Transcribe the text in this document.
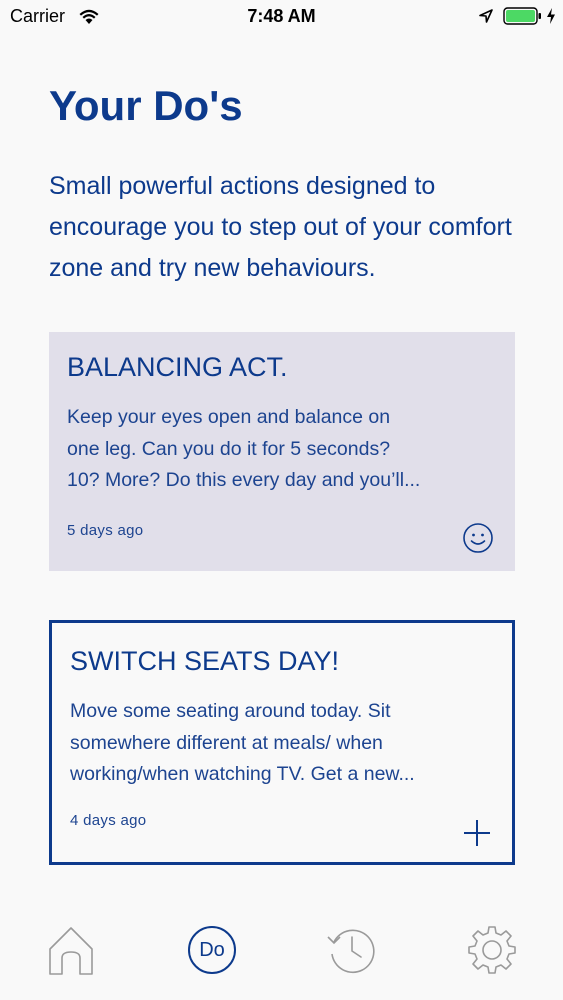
Carrier	7:48 AM
Your Do's

Small powerful actions designed to encourage you to step out of your comfort zone and try new behaviours.

BALANCING ACT.
Keep your eyes open and balance on
one leg. Can you do it for 5 seconds?
10? More? Do this every day and you’ll...
5 days ago
SWITCH SEATS DAY!
Move some seating around today. Sit
somewhere different at meals/ when
working/when watching TV. Get a new...
4 days ago
Do
